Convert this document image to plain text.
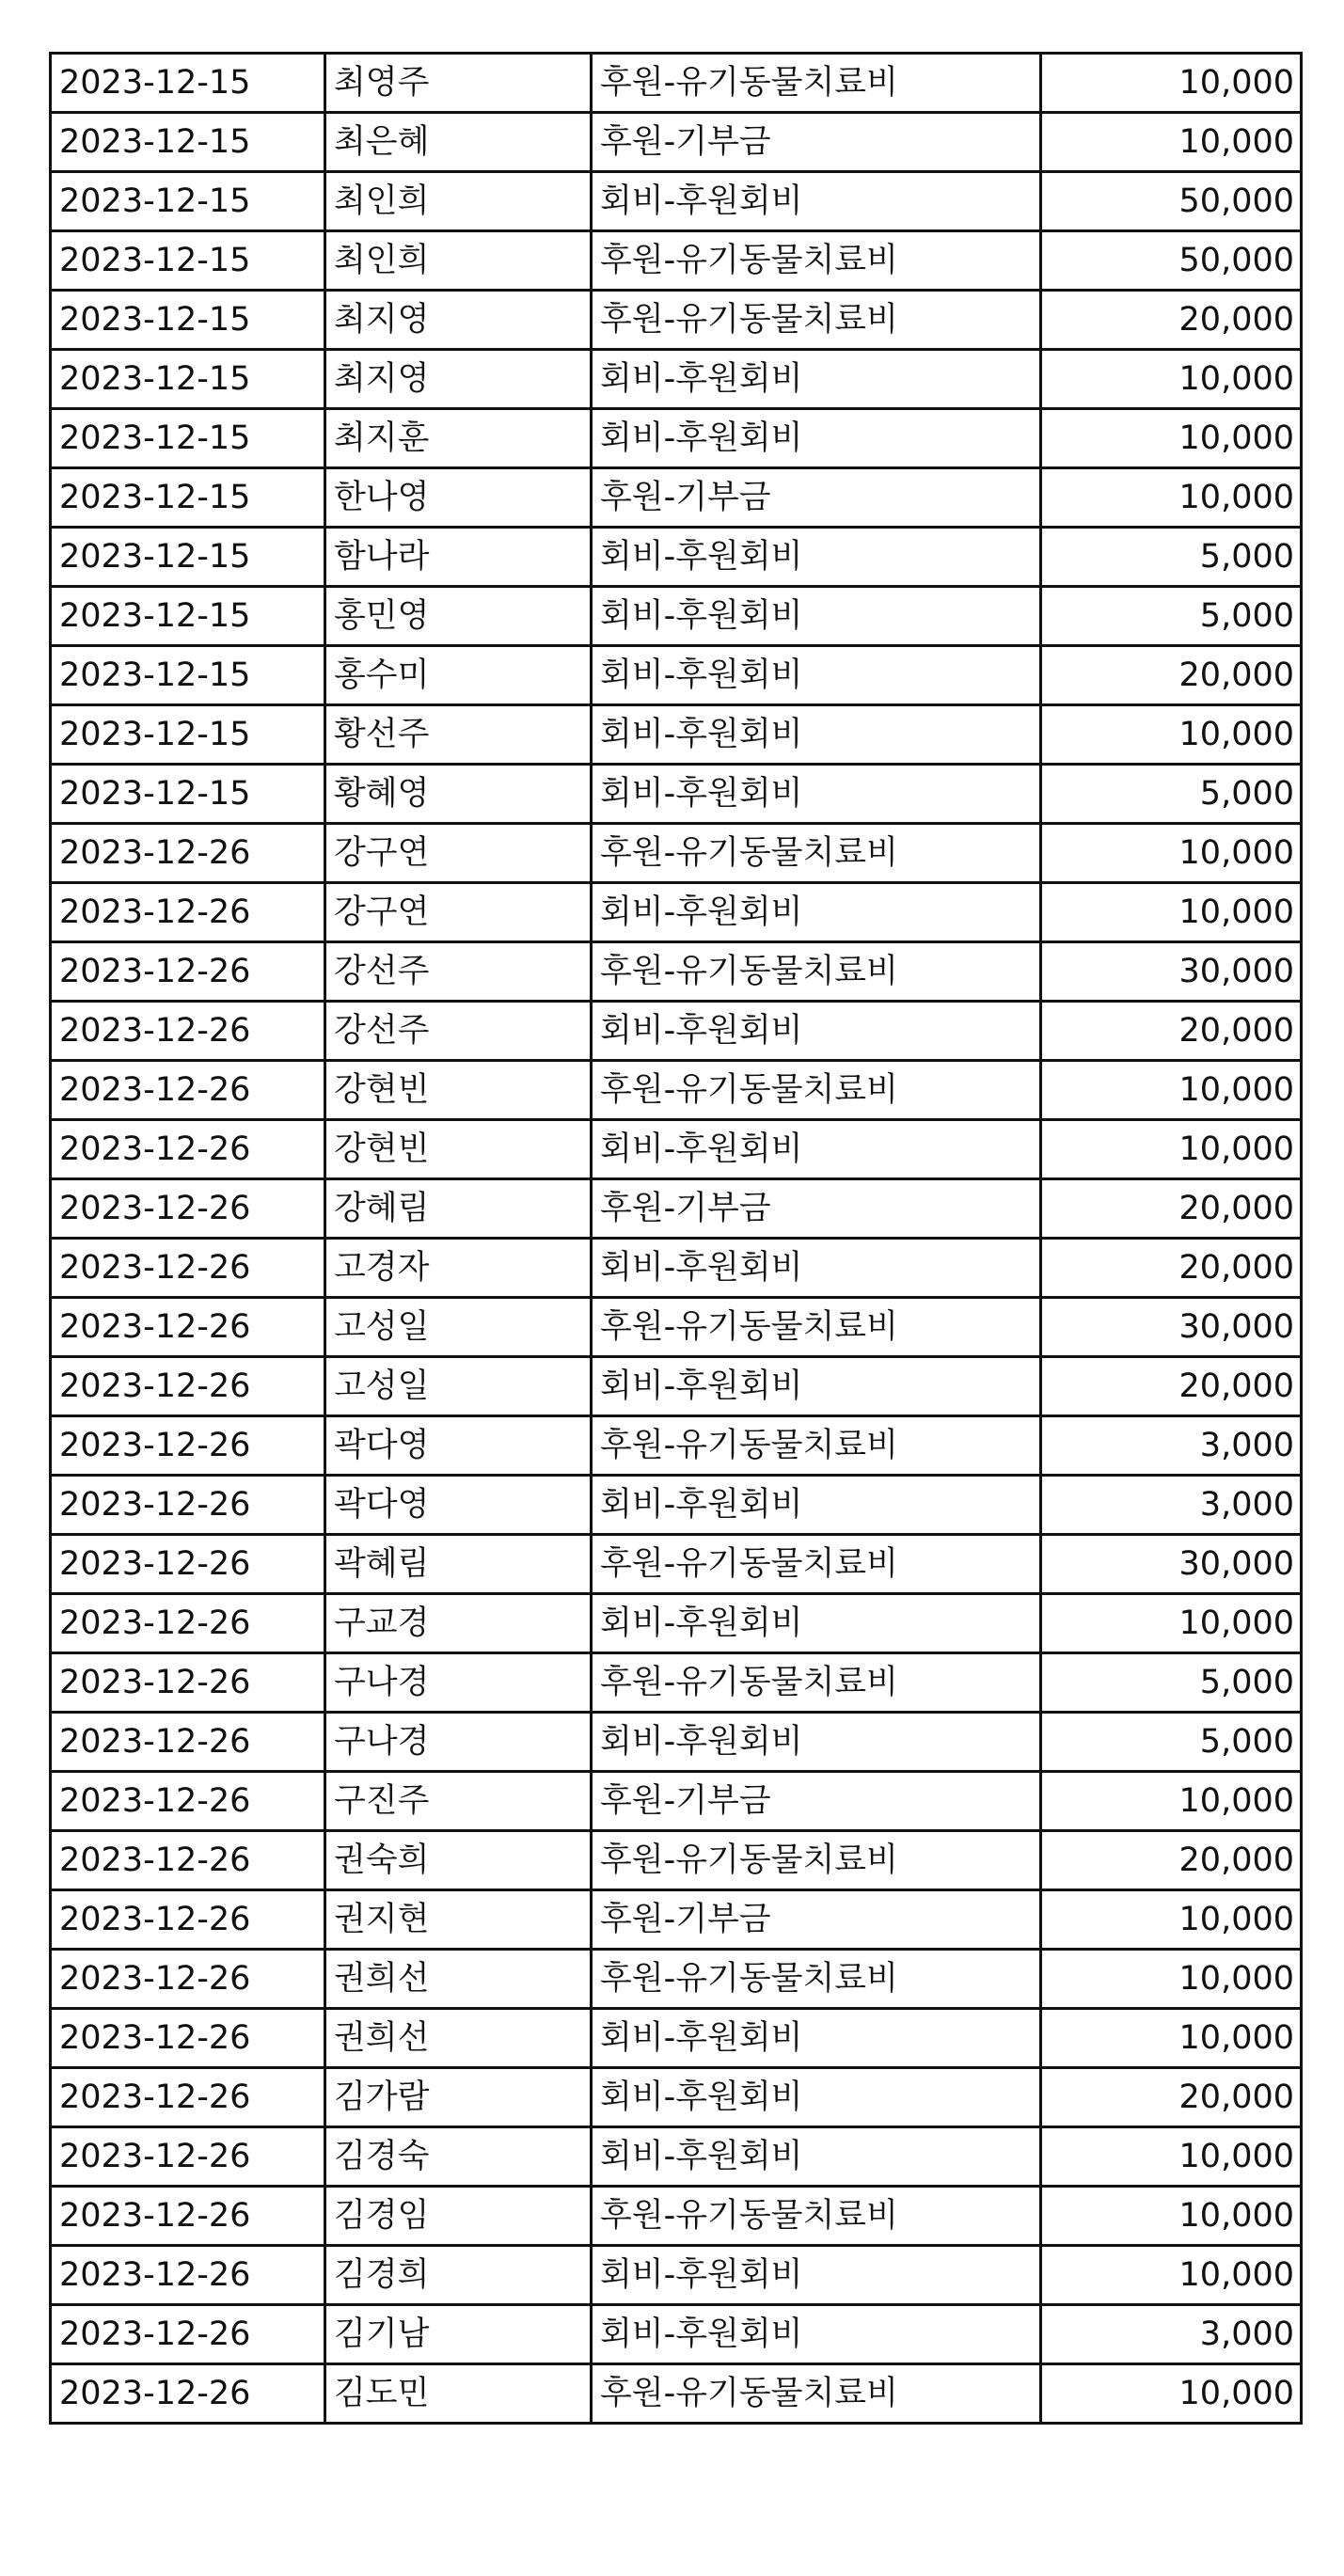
2023-12-15	최영주	후원-유기동물치료비	10,000
2023-12-15	최은혜	후원-기부금	10,000
2023-12-15	최인희	회비-후원회비	50,000
2023-12-15	최인희	후원-유기동물치료비	50,000
2023-12-15	최지영	후원-유기동물치료비	20,000
2023-12-15	최지영	회비-후원회비	10,000
2023-12-15	최지훈	회비-후원회비	10,000
2023-12-15	한나영	후원-기부금	10,000
2023-12-15	함나라	회비-후원회비	5,000
2023-12-15	홍민영	회비-후원회비	5,000
2023-12-15	홍수미	회비-후원회비	20,000
2023-12-15	황선주	회비-후원회비	10,000
2023-12-15	황혜영	회비-후원회비	5,000
2023-12-26	강구연	후원-유기동물치료비	10,000
2023-12-26	강구연	회비-후원회비	10,000
2023-12-26	강선주	후원-유기동물치료비	30,000
2023-12-26	강선주	회비-후원회비	20,000
2023-12-26	강현빈	후원-유기동물치료비	10,000
2023-12-26	강현빈	회비-후원회비	10,000
2023-12-26	강혜림	후원-기부금	20,000
2023-12-26	고경자	회비-후원회비	20,000
2023-12-26	고성일	후원-유기동물치료비	30,000
2023-12-26	고성일	회비-후원회비	20,000
2023-12-26	곽다영	후원-유기동물치료비	3,000
2023-12-26	곽다영	회비-후원회비	3,000
2023-12-26	곽혜림	후원-유기동물치료비	30,000
2023-12-26	구교경	회비-후원회비	10,000
2023-12-26	구나경	후원-유기동물치료비	5,000
2023-12-26	구나경	회비-후원회비	5,000
2023-12-26	구진주	후원-기부금	10,000
2023-12-26	권숙희	후원-유기동물치료비	20,000
2023-12-26	권지현	후원-기부금	10,000
2023-12-26	권희선	후원-유기동물치료비	10,000
2023-12-26	권희선	회비-후원회비	10,000
2023-12-26	김가람	회비-후원회비	20,000
2023-12-26	김경숙	회비-후원회비	10,000
2023-12-26	김경임	후원-유기동물치료비	10,000
2023-12-26	김경희	회비-후원회비	10,000
2023-12-26	김기남	회비-후원회비	3,000
2023-12-26	김도민	후원-유기동물치료비	10,000
